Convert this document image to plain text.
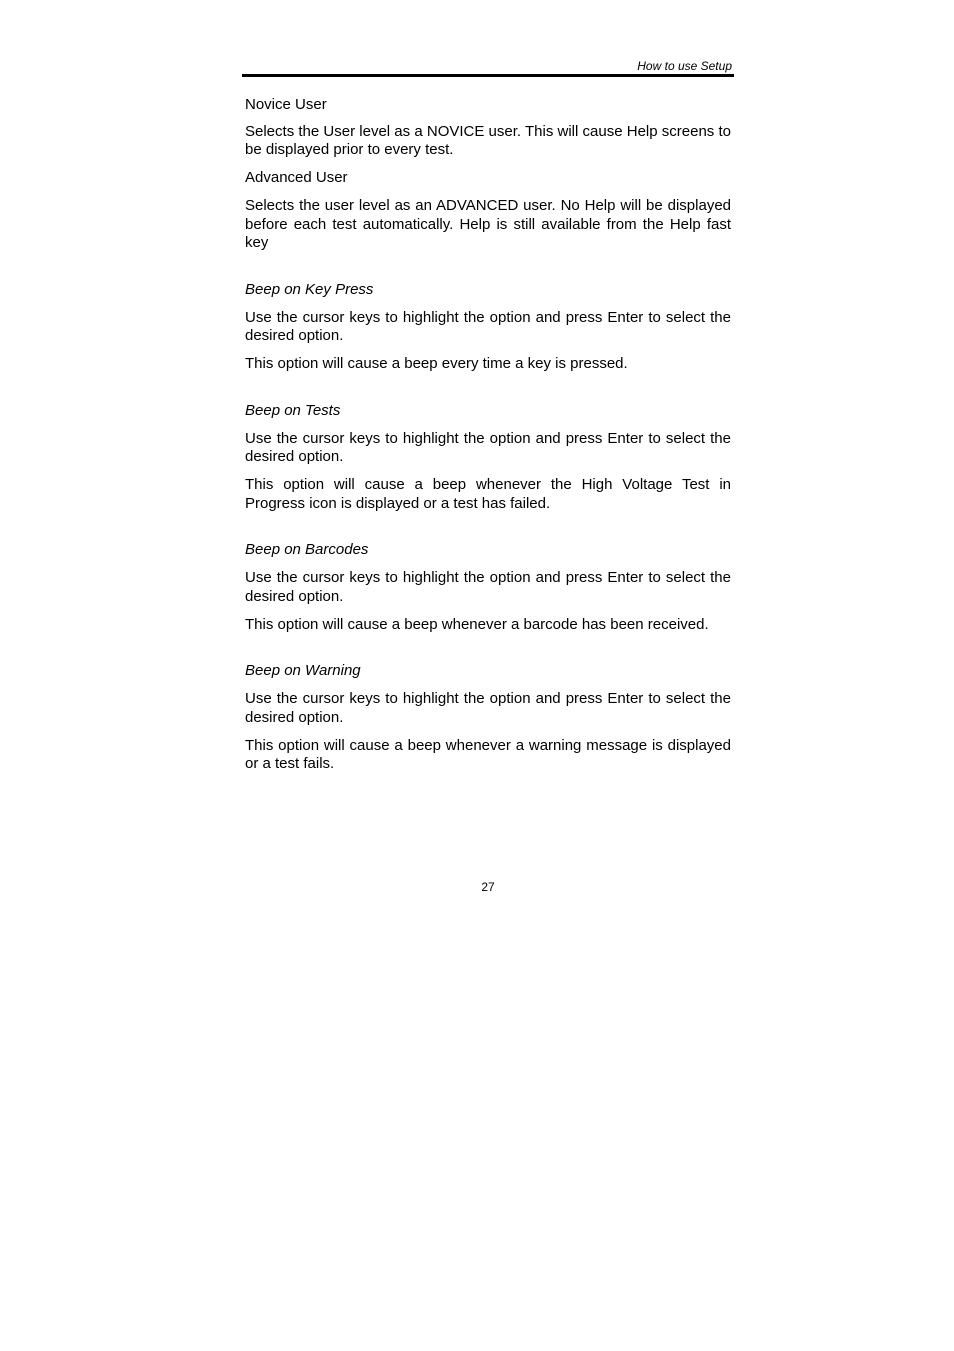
How to use Setup
Novice User

Selects the User level as a NOVICE user. This will cause Help screens to be displayed prior to every test.

Advanced User

Selects the user level as an ADVANCED user. No Help will be displayed before each test automatically. Help is still available from the Help fast key

Beep on Key Press

Use the cursor keys to highlight the option and press Enter to select the desired option.

This option will cause a beep every time a key is pressed.

Beep on Tests

Use the cursor keys to highlight the option and press Enter to select the desired option.

This option will cause a beep whenever the High Voltage Test in Progress icon is displayed or a test has failed.

Beep on Barcodes

Use the cursor keys to highlight the option and press Enter to select the desired option.

This option will cause a beep whenever a barcode has been received.

Beep on Warning

Use the cursor keys to highlight the option and press Enter to select the desired option.

This option will cause a beep whenever a warning message is displayed or a test fails.

27
